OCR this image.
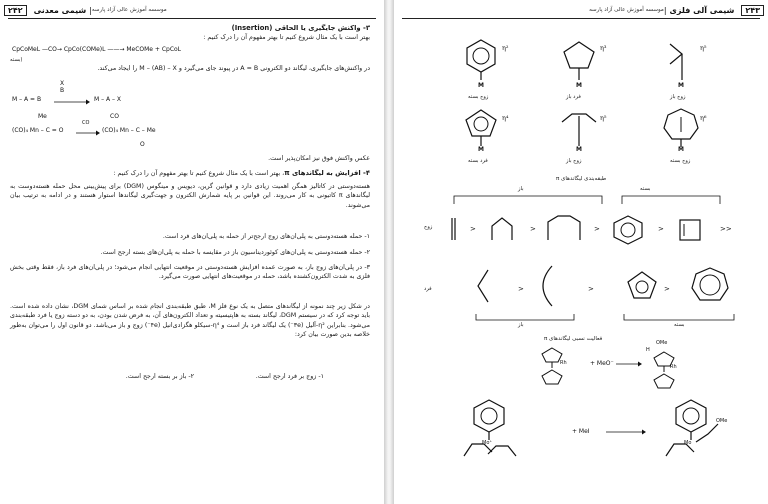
۲۴۲	شیمی معدنی | موسسه آموزش عالی آزاد پارسه
۳- واکنش جایگیری یا الحاقی (Insertion)
بهتر است با یک مثال شروع کنیم تا بهتر مفهوم آن را درک کنیم :
CpCoMeL —CO→ CpCo(COMe)L ——→ MeCOMe + CpCoL
(بسته
در واکنش‌های جایگیری، لیگاند دو الکترونی A = B در پیوند جای می‌گیرد و M – (AB) – X را ایجاد می‌کند.
X
B
M – A = B	M – A – X
Me	CO
(CO)₄ Mn – C = O
CO
(CO)₄ Mn – C – Me
O
عکس واکنش فوق نیز امکان‌پذیر است.
۴- افزایش به لیگاندهای π، بهتر است با یک مثال شروع کنیم تا بهتر مفهوم آن را درک کنیم :
هسته‌دوستی در کاتالیز همگن اهمیت زیادی دارد و قوانین گرین، دیویس و مینگوس (DGM) برای پیش‌بینی محل حمله هسته‌دوست به لیگاندهای π کاتیونی به کار می‌روند. این قوانین بر پایه شمارش الکترون و جهت‌گیری لیگاندها استوار هستند و در ادامه به ترتیب بیان می‌شوند.
۱- حمله هسته‌دوستی به پلی‌ان‌های زوج ارجح‌تر از حمله به پلی‌ان‌های فرد است.
۲- حمله هسته‌دوستی به پلی‌ان‌های کوئوردیناسیون باز در مقایسه با حمله به پلی‌ان‌های بسته ارجح است.
۳- در پلی‌ان‌های زوج باز، به صورت عمده افزایش هسته‌دوستی در موقعیت انتهایی انجام می‌شود؛ در پلی‌ان‌های فرد باز، فقط وقتی بخش فلزی به شدت الکترون‌کشنده باشد، حمله در موقعیت‌های انتهایی صورت می‌گیرد.
در شکل زیر چند نمونه از لیگاندهای متصل به یک نوع فلز M، طبق طبقه‌بندی انجام شده بر اساس شمای DGM، نشان داده شده است. باید توجه کرد که در سیستم DGM، لیگاند بسته به هاپتیسیته و تعداد الکترون‌های آن، به فرض شدن بودن، به دو دسته زوج یا فرد طبقه‌بندی می‌شود. بنابراین η²-آلیل (۳e⁻) یک لیگاند فرد باز است و η⁴-سیکلو هگزادی‌انیل (۴e⁻) زوج و باز می‌باشد. دو قانون اول را می‌توان به‌طور خلاصه بدین صورت بیان کرد:
۱- زوج بر فرد ارجح است.
۲- باز بر بسته ارجح است.
موسسه آموزش عالی آزاد پارسه | شیمی آلی فلزی	۲۴۳
M
η²
زوج بسته
M
η³
فرد باز
M
η⁵
زوج باز
M
η⁴
فرد بسته
M
η⁵
زوج باز
M
η⁶
زوج بسته
طبقه‌بندی لیگاندهای π
باز	بسته
زوج	>	>	>	>	>>
فرد	>	>	>
باز	بسته
فعالیت نسبی لیگاندهای π
Rh	+ MeO⁻
OMe
H
Rh
Mo⁺
+ MeI
Mo
OMe
